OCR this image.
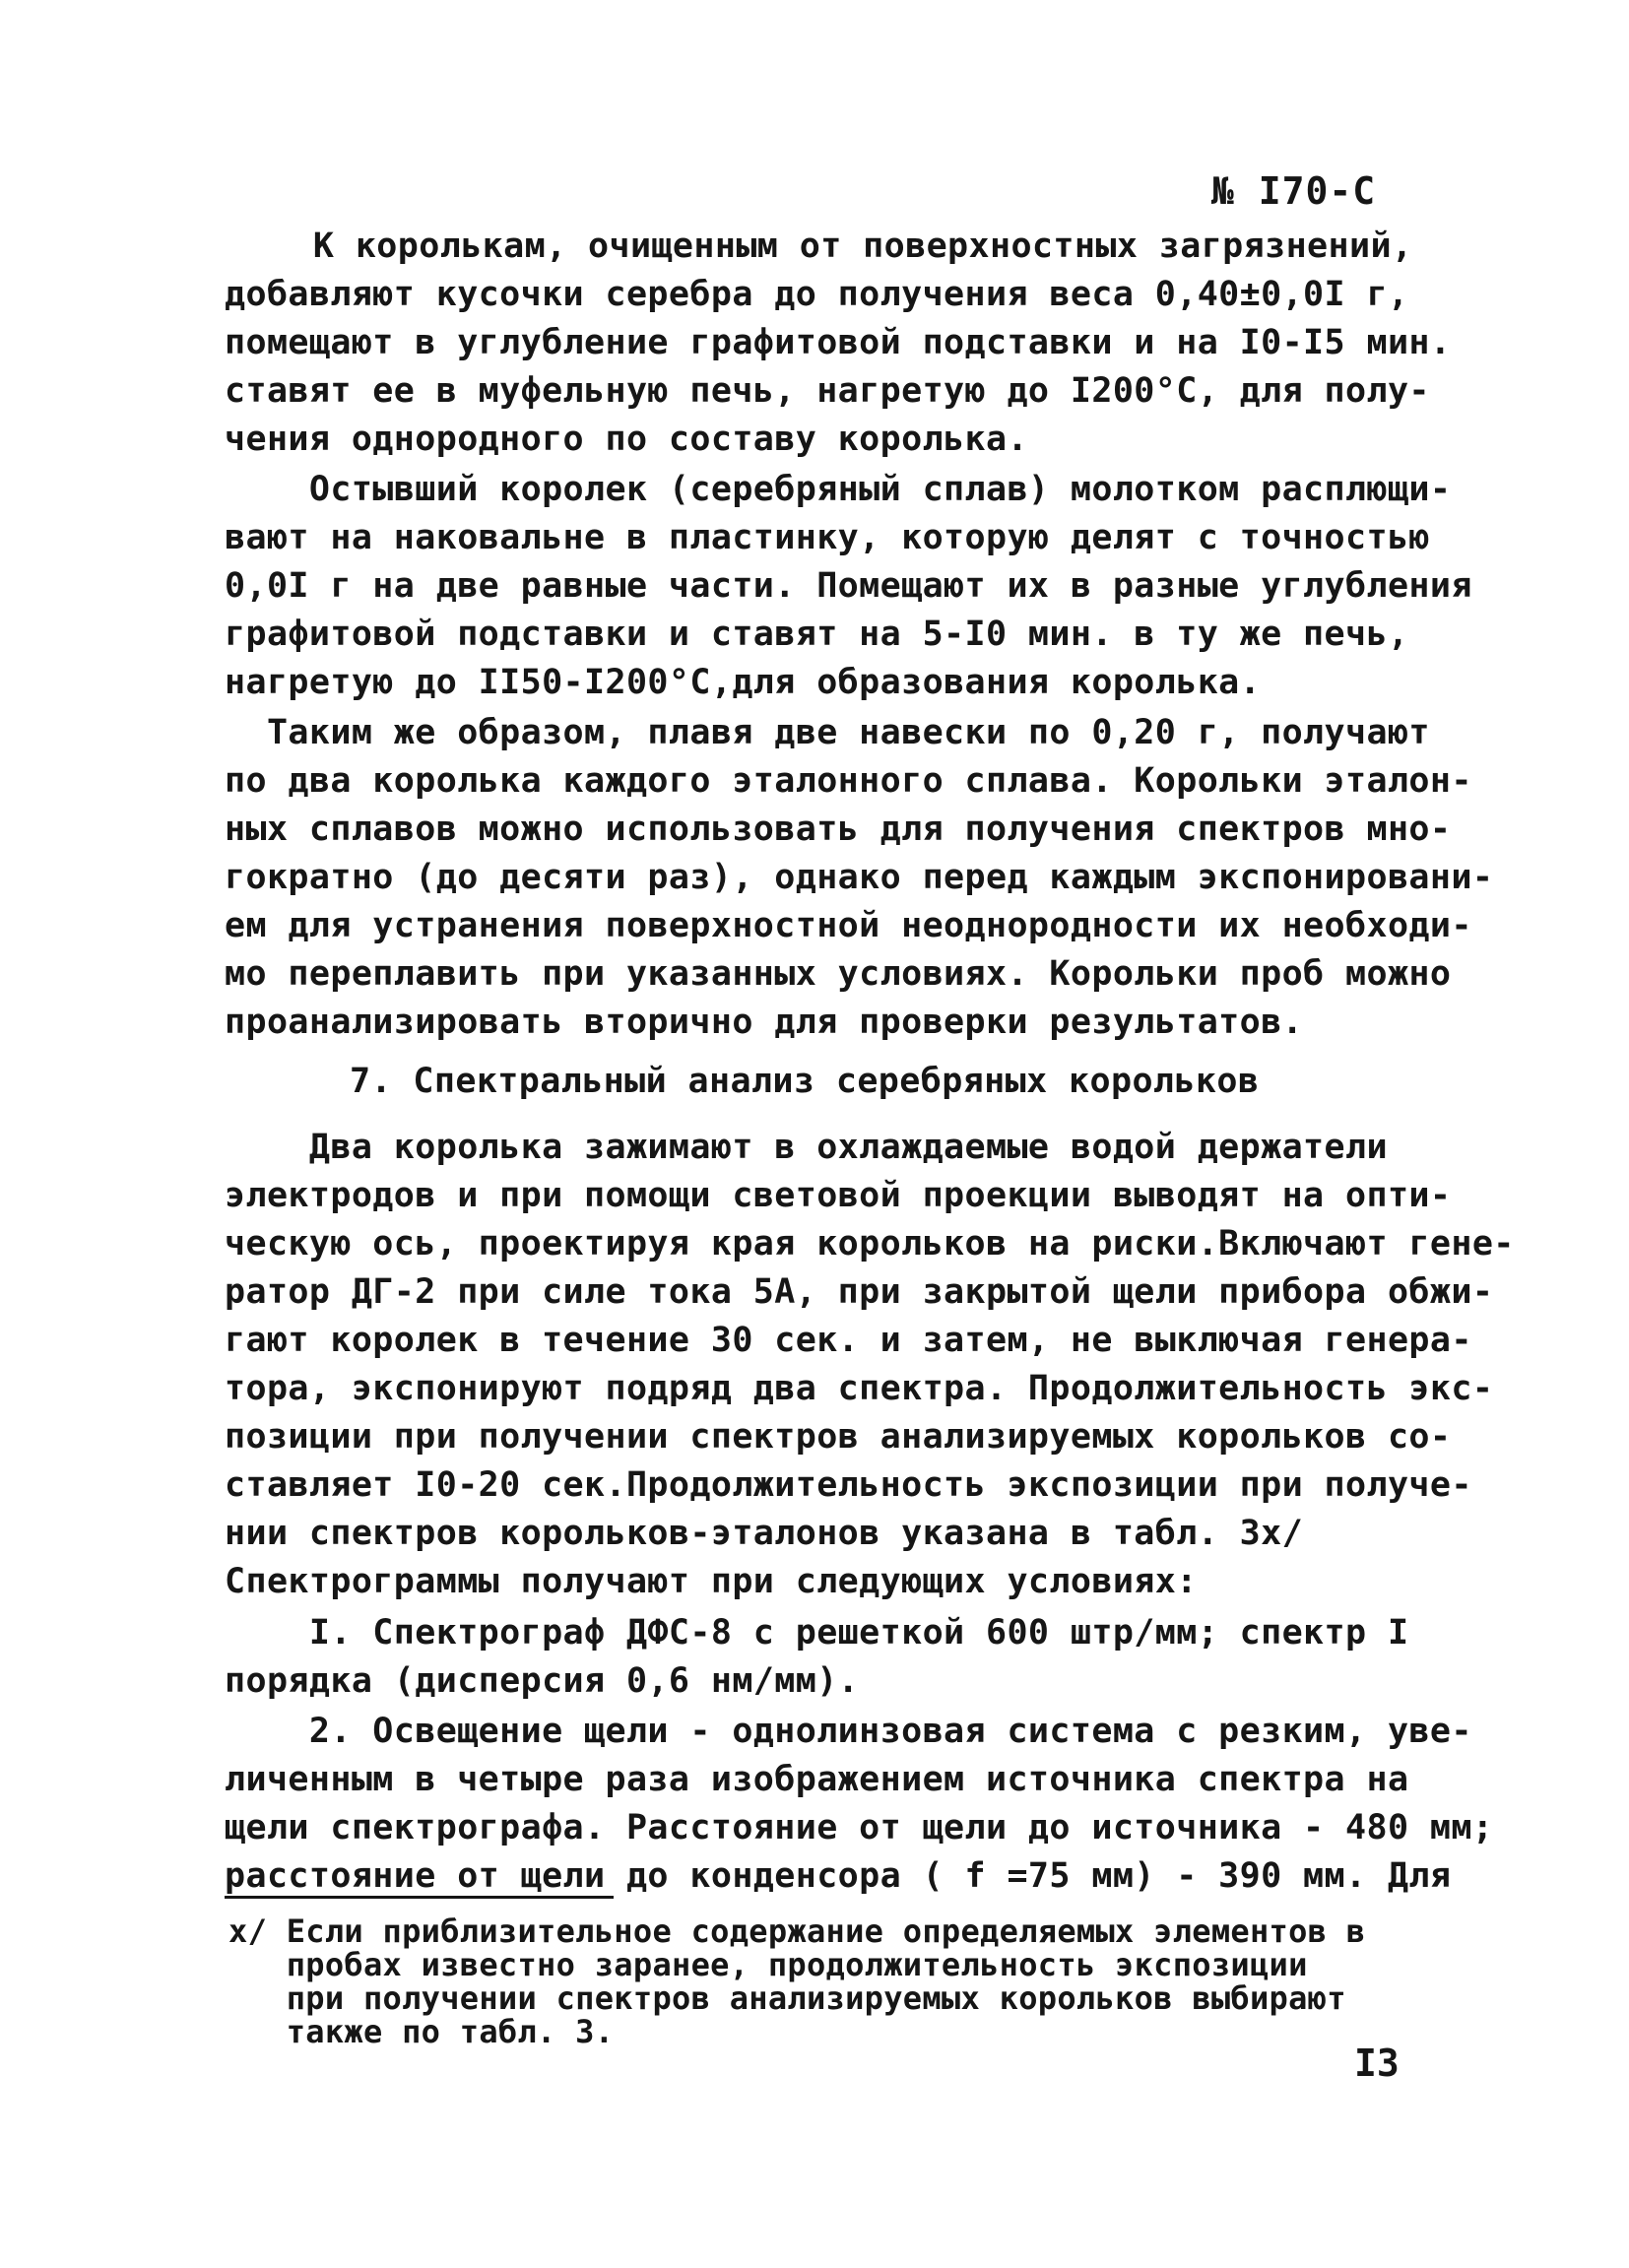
№ I70-С
К королькам, очищенным от поверхностных загрязнений,
добавляют кусочки серебра до получения веса 0,40±0,0I г,
помещают в углубление графитовой подставки и на I0-I5 мин.
ставят ее в муфельную печь, нагретую до I200°С, для полу-
чения однородного по составу королька.
Остывший королек (серебряный сплав) молотком расплющи-
вают на наковальне в пластинку, которую делят с точностью
0,0I г на две равные части. Помещают их в разные углубления
графитовой подставки и ставят на 5-I0 мин. в ту же печь,
нагретую до II50-I200°С,для образования королька.
Таким же образом, плавя две навески по 0,20 г, получают
по два королька каждого эталонного сплава. Корольки эталон-
ных сплавов можно использовать для получения спектров мно-
гократно (до десяти раз), однако перед каждым экспонировани-
ем для устранения поверхностной неоднородности их необходи-
мо переплавить при указанных условиях. Корольки проб можно
проанализировать вторично для проверки результатов.
7. Спектральный анализ серебряных корольков
Два королька зажимают в охлаждаемые водой держатели
электродов и при помощи световой проекции выводят на опти-
ческую ось, проектируя края корольков на риски.Включают гене-
ратор ДГ-2 при силе тока 5А, при закрытой щели прибора обжи-
гают королек в течение 30 сек. и затем, не выключая генера-
тора, экспонируют подряд два спектра. Продолжительность экс-
позиции при получении спектров анализируемых корольков со-
ставляет I0-20 сек.Продолжительность экспозиции при получе-
нии спектров корольков-эталонов указана в табл. 3х/
Спектрограммы получают при следующих условиях:
I. Спектрограф ДФС-8 с решеткой 600 штр/мм; спектр I
порядка (дисперсия 0,6 нм/мм).
2. Освещение щели - однолинзовая система с резким, уве-
личенным в четыре раза изображением источника спектра на
щели спектрографа. Расстояние от щели до источника - 480 мм;
расстояние от щели до конденсора ( f =75 мм) - 390 мм. Для
х/ Если приблизительное содержание определяемых элементов в
пробах известно заранее, продолжительность экспозиции
при получении спектров анализируемых корольков выбирают
также по табл. 3.
I3
